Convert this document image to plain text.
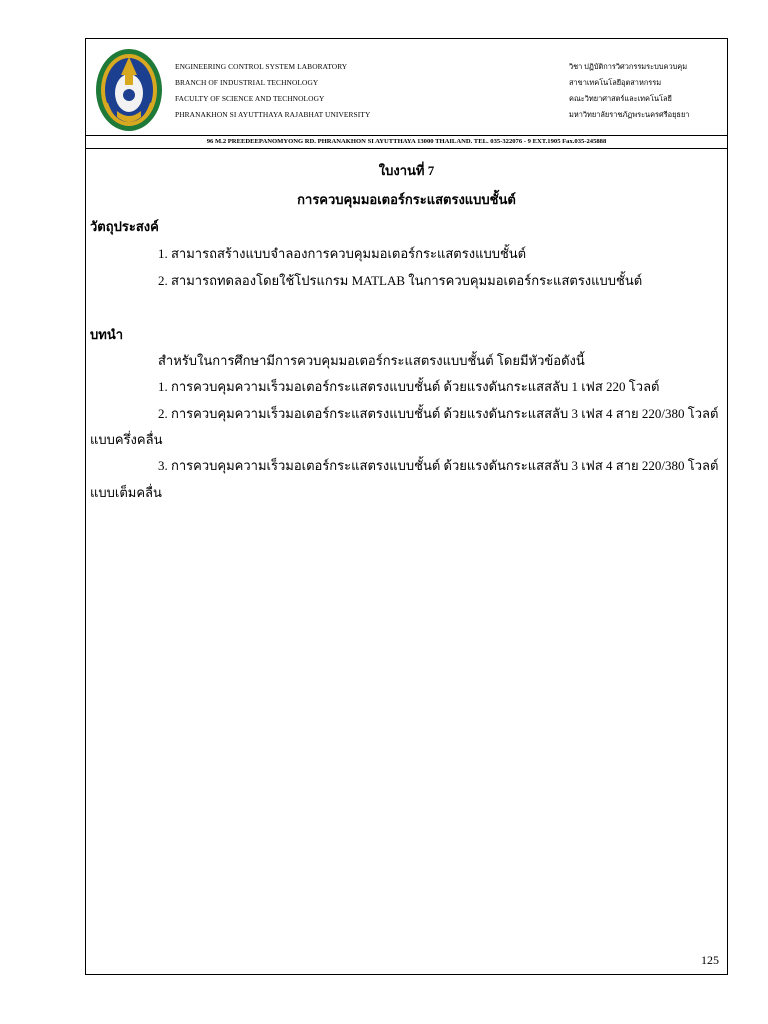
ENGINEERING CONTROL SYSTEM LABORATORY
BRANCH OF INDUSTRIAL TECHNOLOGY
FACULTY OF SCIENCE AND TECHNOLOGY
PHRANAKHON SI AYUTTHAYA RAJABHAT UNIVERSITY
วิชา ปฏิบัติการวิศวกรรมระบบควบคุม
สาขาเทคโนโลยีอุตสาหกรรม
คณะวิทยาศาสตร์และเทคโนโลยี
มหาวิทยาลัยราชภัฏพระนครศรีอยุธยา
96 M.2 PREEDEEPANOMYONG RD. PHRANAKHON SI AYUTTHAYA 13000 THAILAND. TEL. 035-322076 - 9 EXT.1905 Fax.035-245888
ใบงานที่ 7
การควบคุมมอเตอร์กระแสตรงแบบชั้นต์
วัตถุประสงค์
1. สามารถสร้างแบบจำลองการควบคุมมอเตอร์กระแสตรงแบบชั้นต์
2. สามารถทดลองโดยใช้โปรแกรม MATLAB ในการควบคุมมอเตอร์กระแสตรงแบบชั้นต์
บทนำ
สำหรับในการศึกษามีการควบคุมมอเตอร์กระแสตรงแบบชั้นต์ โดยมีหัวข้อดังนี้
1. การควบคุมความเร็วมอเตอร์กระแสตรงแบบชั้นต์ ด้วยแรงดันกระแสสลับ 1 เฟส 220 โวลต์
2. การควบคุมความเร็วมอเตอร์กระแสตรงแบบชั้นต์ ด้วยแรงดันกระแสสลับ 3 เฟส 4 สาย 220/380 โวลต์
แบบครึ่งคลื่น
3. การควบคุมความเร็วมอเตอร์กระแสตรงแบบชั้นต์ ด้วยแรงดันกระแสสลับ 3 เฟส 4 สาย 220/380 โวลต์
แบบเต็มคลื่น
125
